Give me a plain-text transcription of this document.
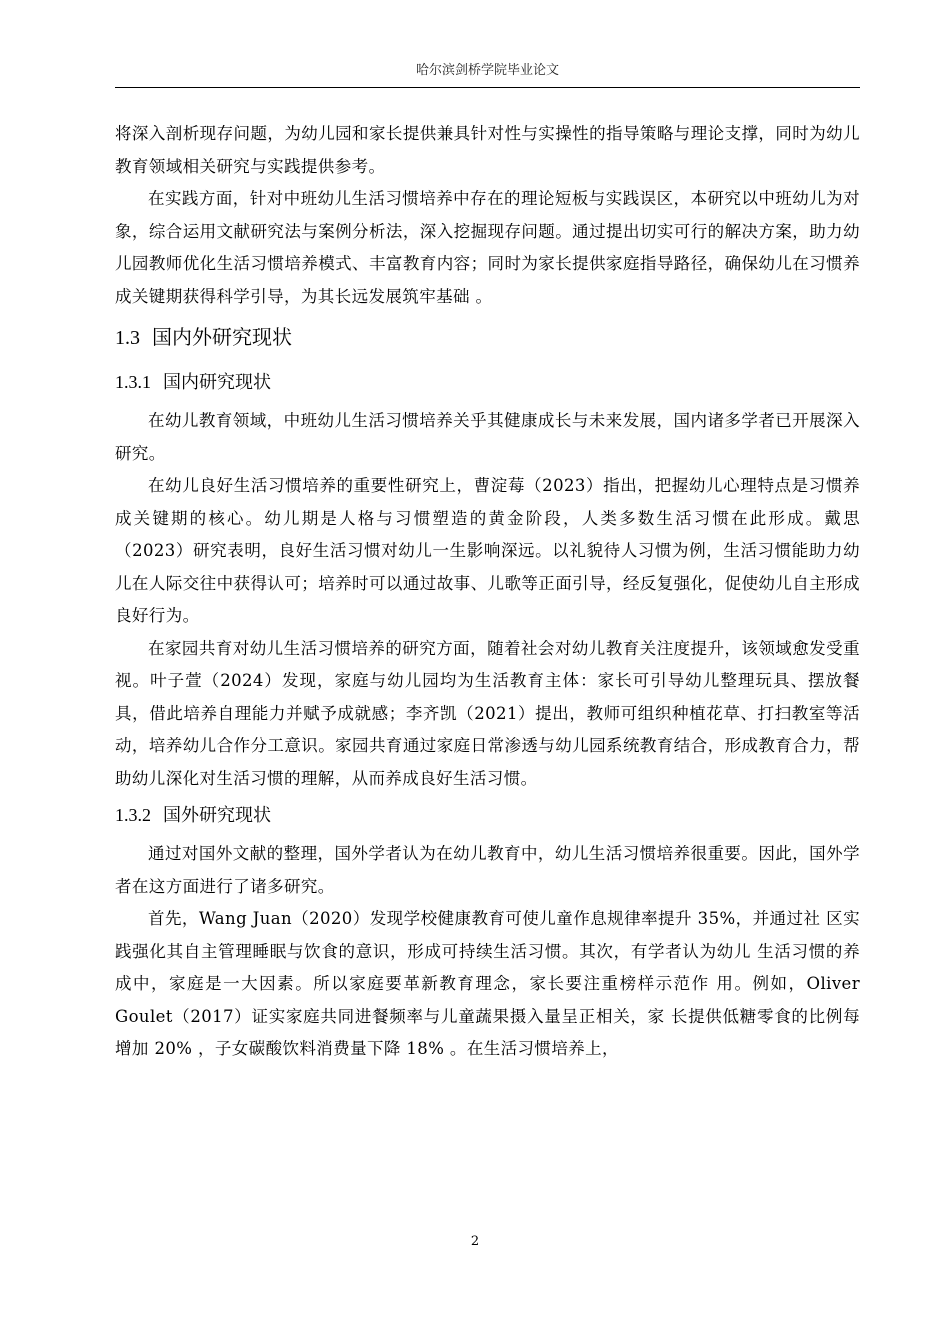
哈尔滨剑桥学院毕业论文

将深入剖析现存问题，为幼儿园和家长提供兼具针对性与实操性的指导策略与理论支撑，同时为幼儿教育领域相关研究与实践提供参考。

在实践方面，针对中班幼儿生活习惯培养中存在的理论短板与实践误区，本研究以中班幼儿为对象，综合运用文献研究法与案例分析法，深入挖掘现存问题。通过提出切实可行的解决方案，助力幼儿园教师优化生活习惯培养模式、丰富教育内容；同时为家长提供家庭指导路径，确保幼儿在习惯养成关键期获得科学引导，为其长远发展筑牢基础 。

1.3 国内外研究现状
1.3.1 国内研究现状

在幼儿教育领域，中班幼儿生活习惯培养关乎其健康成长与未来发展，国内诸多学者已开展深入研究。

在幼儿良好生活习惯培养的重要性研究上，曹淀莓（2023）指出，把握幼儿心理特点是习惯养成关键期的核心。幼儿期是人格与习惯塑造的黄金阶段，人类多数生活习惯在此形成。戴思（2023）研究表明，良好生活习惯对幼儿一生影响深远。以礼貌待人习惯为例，生活习惯能助力幼儿在人际交往中获得认可；培养时可以通过故事、儿歌等正面引导，经反复强化，促使幼儿自主形成良好行为。

在家园共育对幼儿生活习惯培养的研究方面，随着社会对幼儿教育关注度提升，该领域愈发受重视。叶子萱（2024）发现，家庭与幼儿园均为生活教育主体：家长可引导幼儿整理玩具、摆放餐具，借此培养自理能力并赋予成就感；李齐凯（2021）提出，教师可组织种植花草、打扫教室等活动，培养幼儿合作分工意识。家园共育通过家庭日常渗透与幼儿园系统教育结合，形成教育合力，帮助幼儿深化对生活习惯的理解，从而养成良好生活习惯。

1.3.2 国外研究现状

通过对国外文献的整理，国外学者认为在幼儿教育中，幼儿生活习惯培养很重要。因此，国外学者在这方面进行了诸多研究。

首先，Wang Juan（2020）发现学校健康教育可使儿童作息规律率提升 35%，并通过社 区实践强化其自主管理睡眠与饮食的意识，形成可持续生活习惯。其次，有学者认为幼儿 生活习惯的养成中，家庭是一大因素。所以家庭要革新教育理念，家长要注重榜样示范作 用。例如，Oliver Goulet（2017）证实家庭共同进餐频率与儿童蔬果摄入量呈正相关，家 长提供低糖零食的比例每增加 20% ，子女碳酸饮料消费量下降 18% 。在生活习惯培养上，

2
